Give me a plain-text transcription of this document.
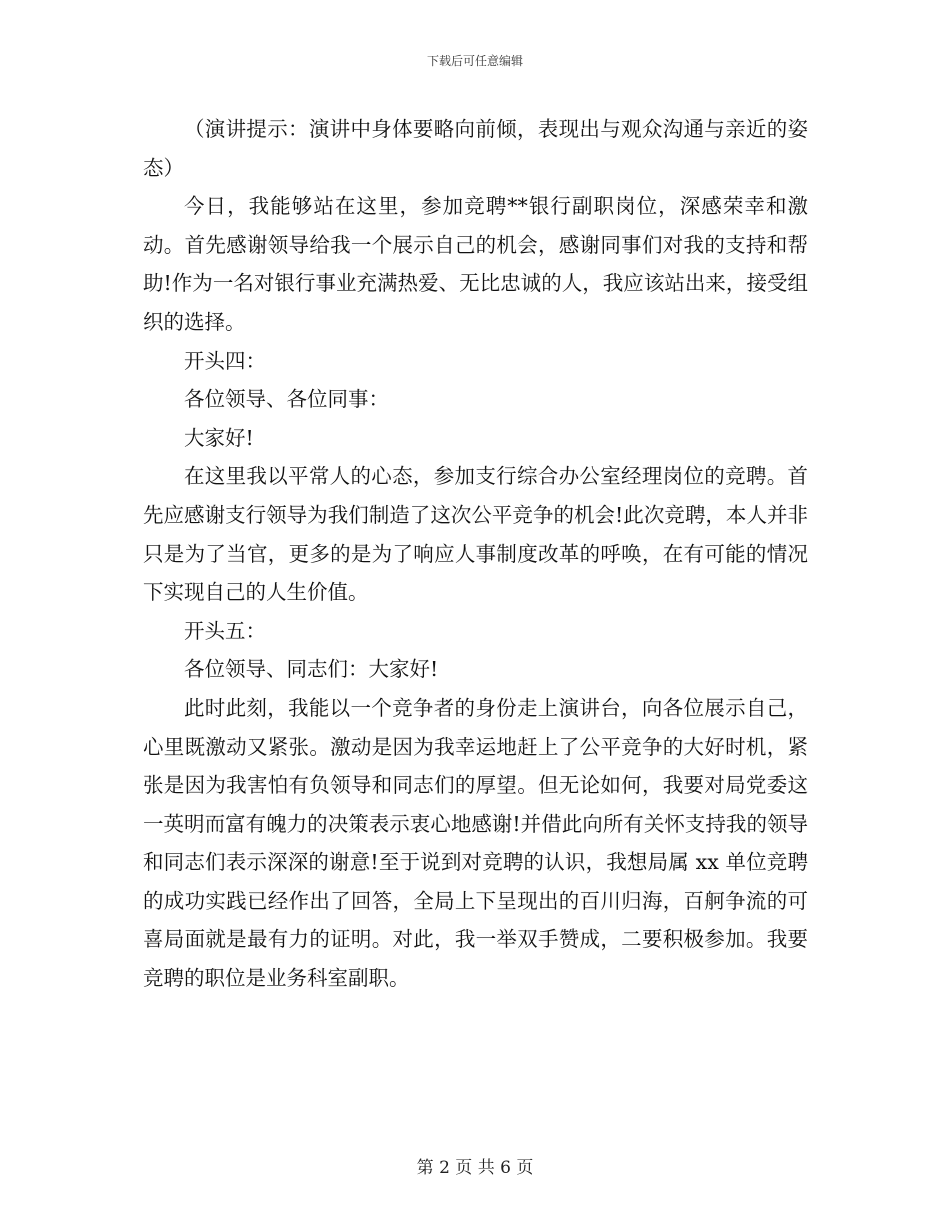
下载后可任意编辑

（演讲提示：演讲中身体要略向前倾，表现出与观众沟通与亲近的姿态）

今日，我能够站在这里，参加竞聘**银行副职岗位，深感荣幸和激动。首先感谢领导给我一个展示自己的机会，感谢同事们对我的支持和帮助!作为一名对银行事业充满热爱、无比忠诚的人，我应该站出来，接受组织的选择。

开头四：

各位领导、各位同事：

大家好!

在这里我以平常人的心态，参加支行综合办公室经理岗位的竞聘。首先应感谢支行领导为我们制造了这次公平竞争的机会!此次竞聘，本人并非只是为了当官，更多的是为了响应人事制度改革的呼唤，在有可能的情况下实现自己的人生价值。

开头五：

各位领导、同志们：大家好!

此时此刻，我能以一个竞争者的身份走上演讲台，向各位展示自己，心里既激动又紧张。激动是因为我幸运地赶上了公平竞争的大好时机，紧张是因为我害怕有负领导和同志们的厚望。但无论如何，我要对局党委这一英明而富有魄力的决策表示衷心地感谢!并借此向所有关怀支持我的领导和同志们表示深深的谢意!至于说到对竞聘的认识，我想局属 xx 单位竞聘的成功实践已经作出了回答，全局上下呈现出的百川归海，百舸争流的可喜局面就是最有力的证明。对此，我一举双手赞成，二要积极参加。我要竞聘的职位是业务科室副职。

第 2 页 共 6 页
